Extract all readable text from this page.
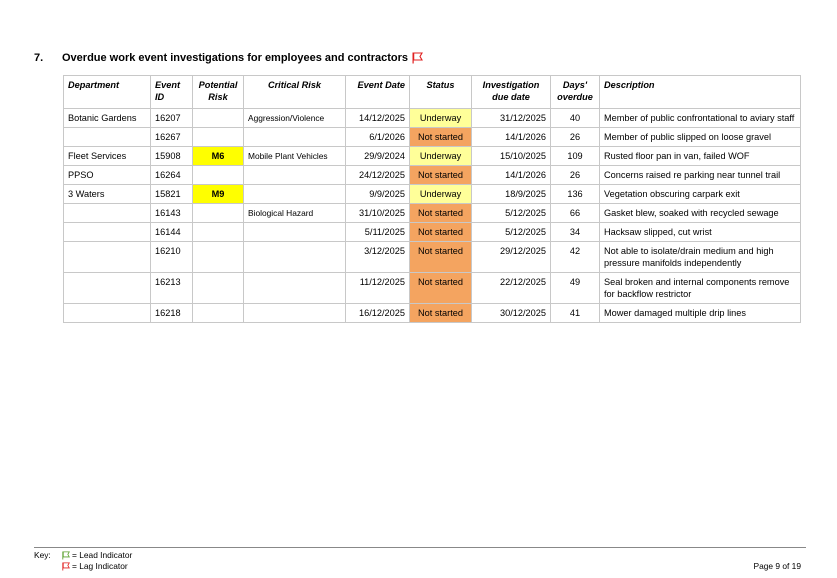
7.	Overdue work event investigations for employees and contractors
Department	Event ID	Potential Risk	Critical Risk	Event Date	Status	Investigation due date	Days' overdue	Description
Botanic Gardens	16207		Aggression/Violence	14/12/2025	Underway	31/12/2025	40	Member of public confrontational to aviary staff
	16267			6/1/2026	Not started	14/1/2026	26	Member of public slipped on loose gravel
Fleet Services	15908	M6	Mobile Plant Vehicles	29/9/2024	Underway	15/10/2025	109	Rusted floor pan in van, failed WOF
PPSO	16264			24/12/2025	Not started	14/1/2026	26	Concerns raised re parking near tunnel trail
3 Waters	15821	M9		9/9/2025	Underway	18/9/2025	136	Vegetation obscuring carpark exit
	16143		Biological Hazard	31/10/2025	Not started	5/12/2025	66	Gasket blew, soaked with recycled sewage
	16144			5/11/2025	Not started	5/12/2025	34	Hacksaw slipped, cut wrist
	16210			3/12/2025	Not started	29/12/2025	42	Not able to isolate/drain medium and high pressure manifolds independently
	16213			11/12/2025	Not started	22/12/2025	49	Seal broken and internal components remove for backflow restrictor
	16218			16/12/2025	Not started	30/12/2025	41	Mower damaged multiple drip lines
Key:	= Lead Indicator
= Lag Indicator	Page 9 of 19
